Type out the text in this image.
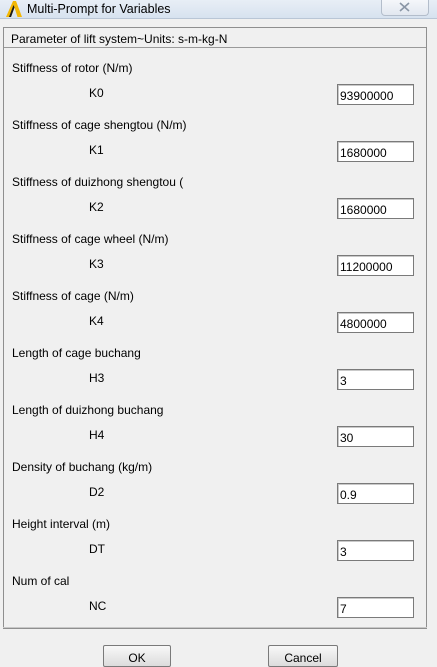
Multi-Prompt for Variables
Parameter of lift system~Units: s-m-kg-N
Stiffness of rotor (N/m)
K0
93900000
Stiffness of cage shengtou (N/m)
K1
1680000
Stiffness of duizhong shengtou (
K2
1680000
Stiffness of cage wheel (N/m)
K3
11200000
Stiffness of cage (N/m)
K4
4800000
Length of cage buchang
H3
3
Length of duizhong buchang
H4
30
Density of buchang (kg/m)
D2
0.9
Height interval (m)
DT
3
Num of cal
NC
7
OK	Cancel
